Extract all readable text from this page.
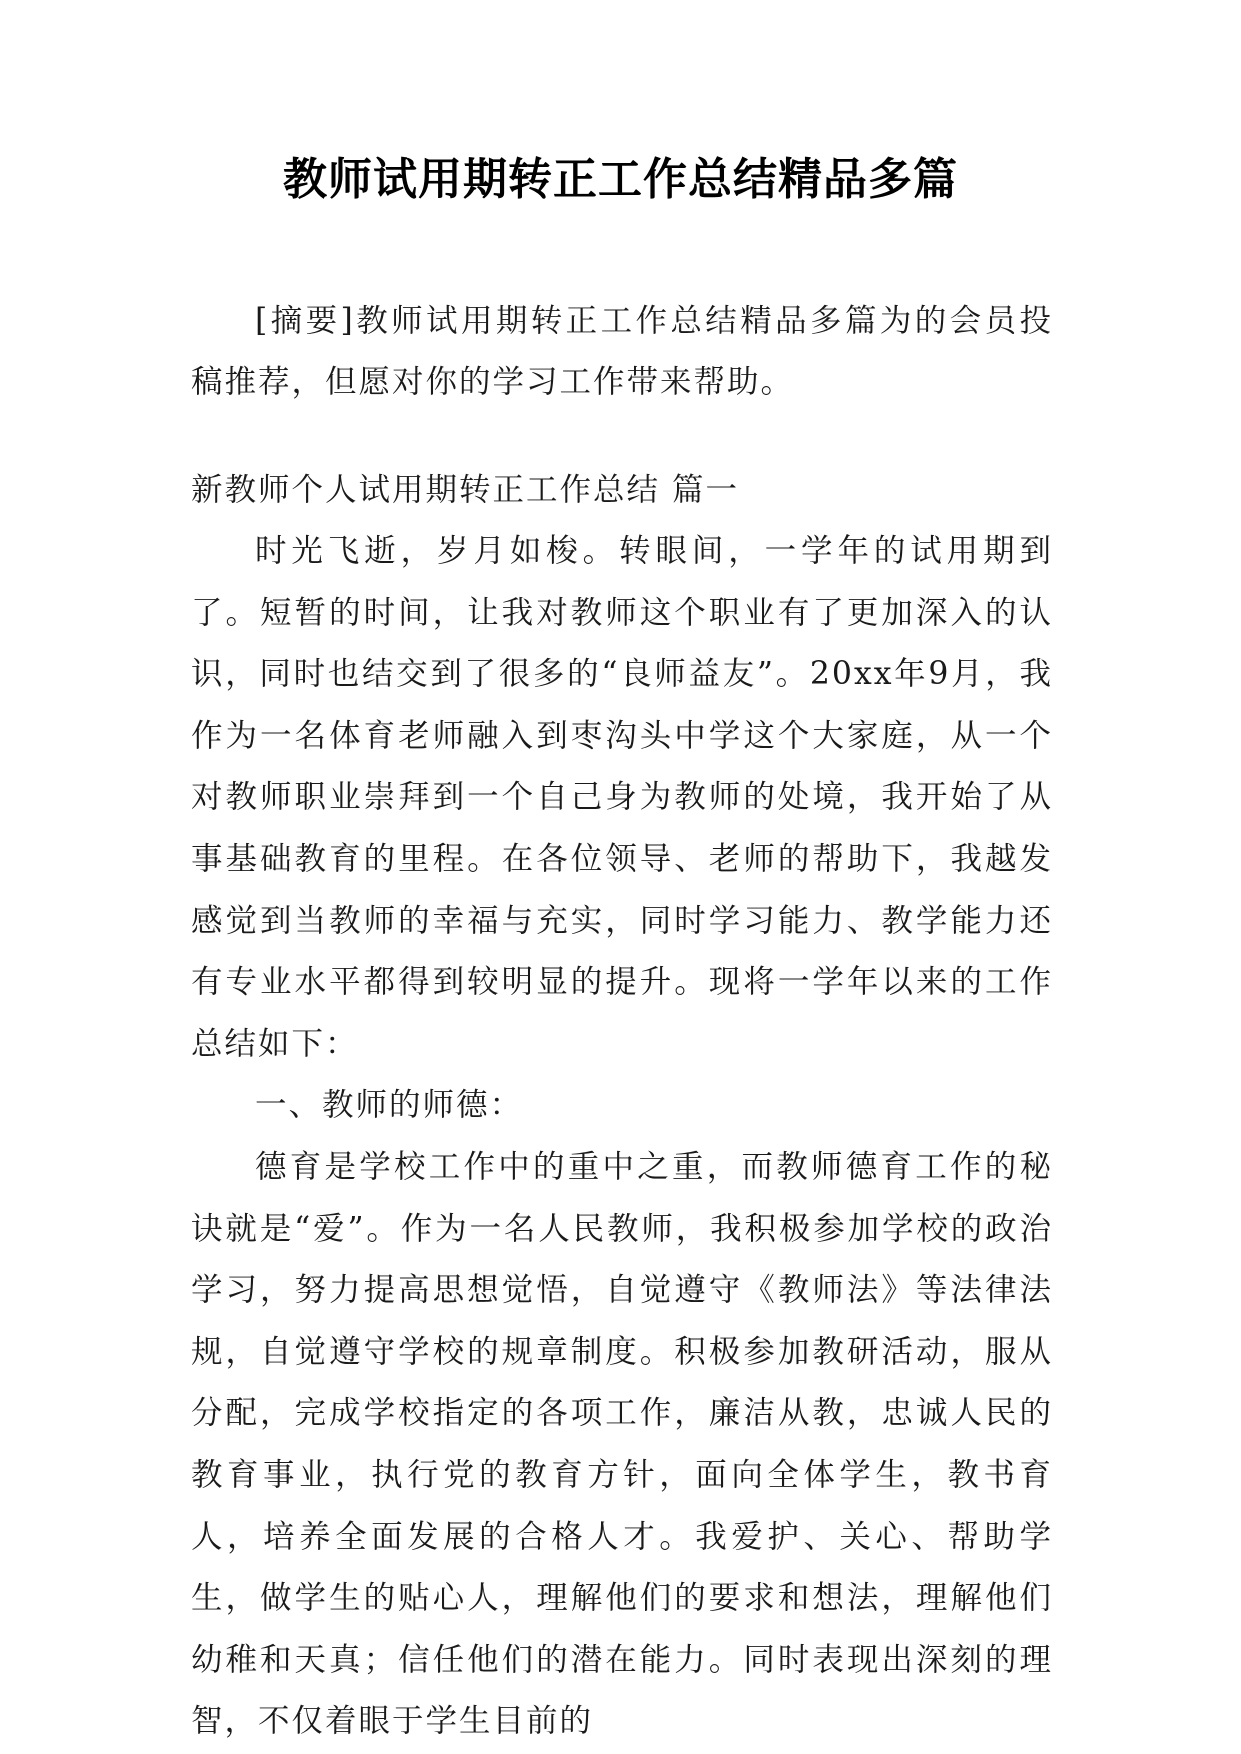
教师试用期转正工作总结精品多篇
[摘要]教师试用期转正工作总结精品多篇为的会员投稿推荐，但愿对你的学习工作带来帮助。
新教师个人试用期转正工作总结 篇一

时光飞逝，岁月如梭。转眼间，一学年的试用期到了。短暂的时间，让我对教师这个职业有了更加深入的认识，同时也结交到了很多的“良师益友”。20xx年9月，我作为一名体育老师融入到枣沟头中学这个大家庭，从一个对教师职业崇拜到一个自己身为教师的处境，我开始了从事基础教育的里程。在各位领导、老师的帮助下，我越发感觉到当教师的幸福与充实，同时学习能力、教学能力还有专业水平都得到较明显的提升。现将一学年以来的工作总结如下：

一、教师的师德：

德育是学校工作中的重中之重，而教师德育工作的秘诀就是“爱”。作为一名人民教师，我积极参加学校的政治学习，努力提高思想觉悟，自觉遵守《教师法》等法律法规，自觉遵守学校的规章制度。积极参加教研活动，服从分配，完成学校指定的各项工作，廉洁从教，忠诚人民的教育事业，执行党的教育方针，面向全体学生，教书育人，培养全面发展的合格人才。我爱护、关心、帮助学生，做学生的贴心人，理解他们的要求和想法，理解他们幼稚和天真；信任他们的潜在能力。同时表现出深刻的理智，不仅着眼于学生目前的
